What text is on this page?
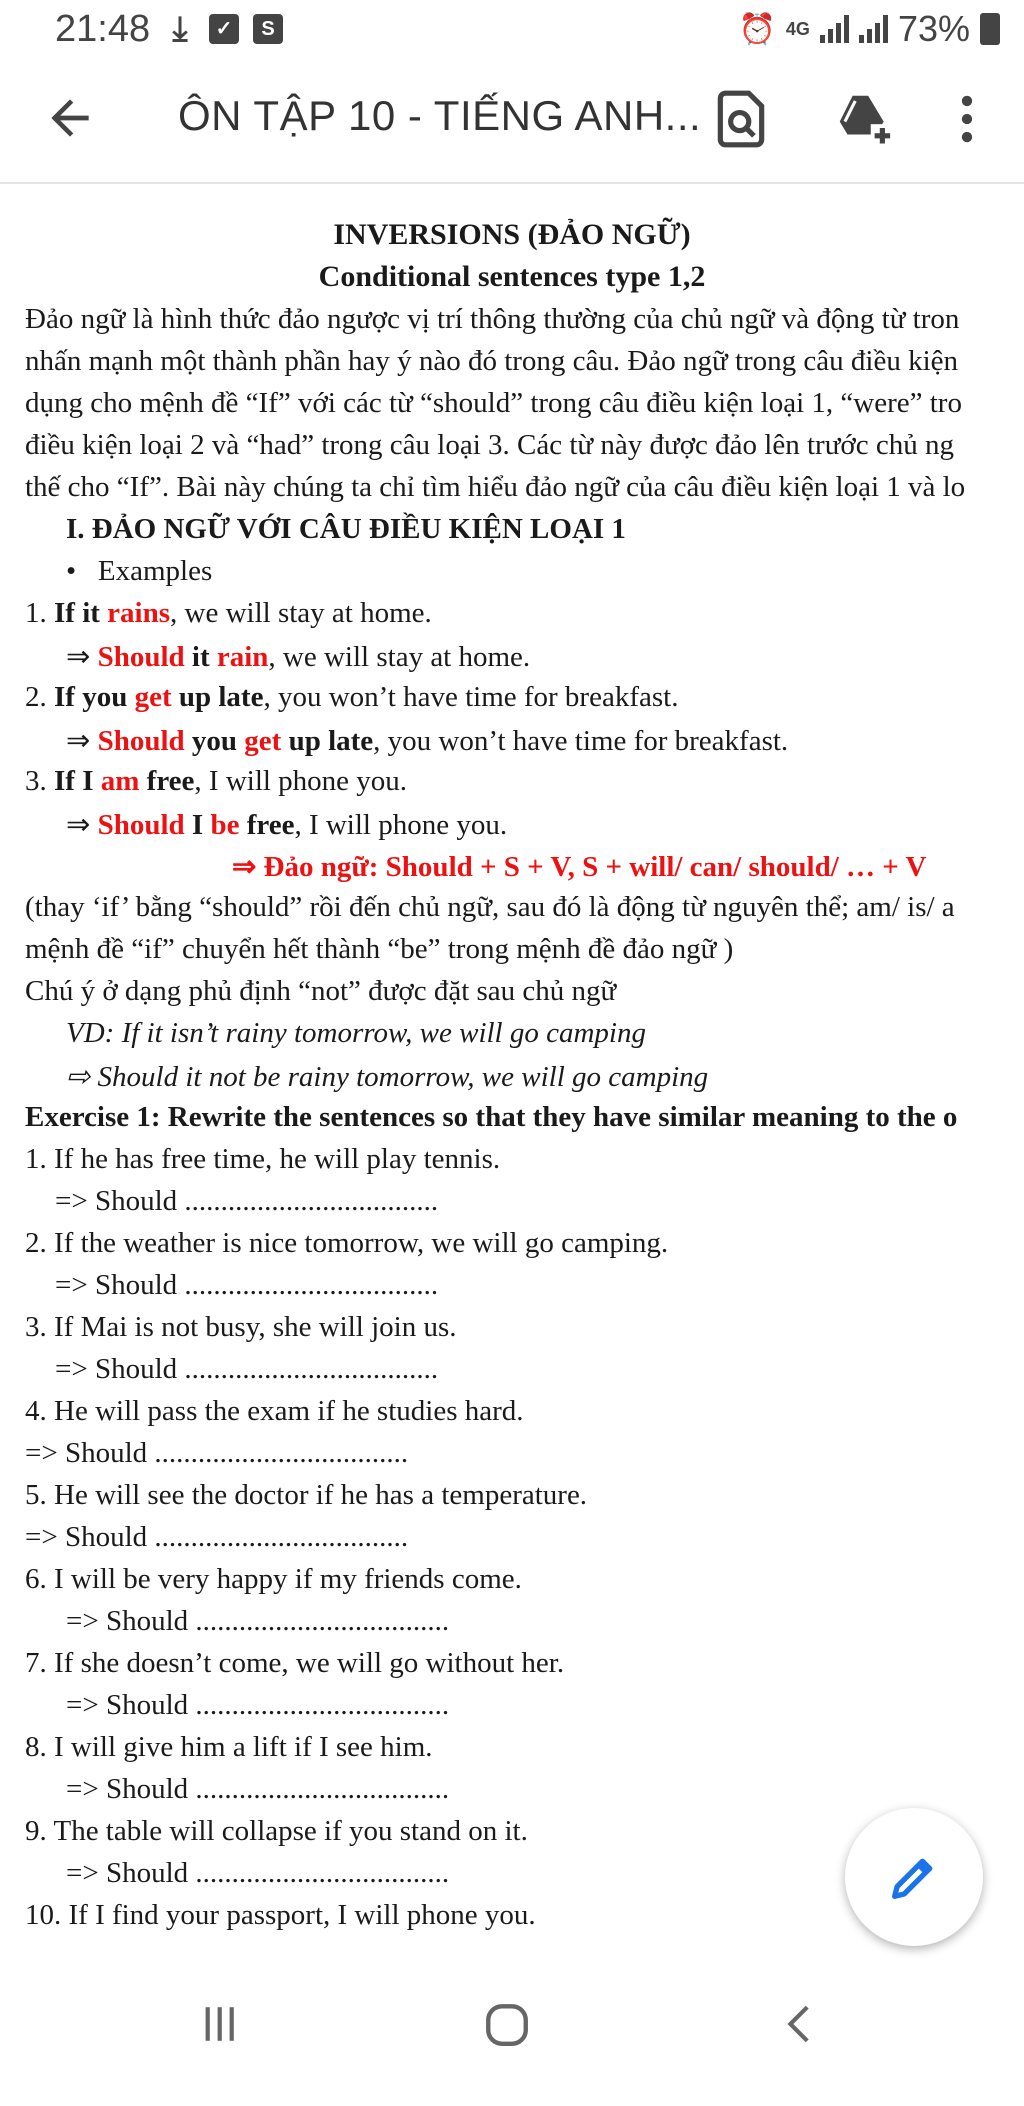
21:48 ⤓	✓	S	⏰ 4G 73%
ÔN TẬP 10 - TIẾNG ANH...
INVERSIONS (ĐẢO NGỮ)
Conditional sentences type 1,2
Đảo ngữ là hình thức đảo ngược vị trí thông thường của chủ ngữ và động từ tron
nhấn mạnh một thành phần hay ý nào đó trong câu. Đảo ngữ trong câu điều kiện
dụng cho mệnh đề “If” với các từ “should” trong câu điều kiện loại 1, “were” tro
điều kiện loại 2 và “had” trong câu loại 3. Các từ này được đảo lên trước chủ ng
thế cho “If”. Bài này chúng ta chỉ tìm hiểu đảo ngữ của câu điều kiện loại 1 và lo
I. ĐẢO NGỮ VỚI CÂU ĐIỀU KIỆN LOẠI 1
•   Examples
1. If it rains, we will stay at home.
⇒ Should it rain, we will stay at home.
2. If you get up late, you won’t have time for breakfast.
⇒ Should you get up late, you won’t have time for breakfast.
3. If I am free, I will phone you.
⇒ Should I be free, I will phone you.
⇒ Đảo ngữ: Should + S + V, S + will/ can/ should/ … + V
(thay ‘if’ bằng “should” rồi đến chủ ngữ, sau đó là động từ nguyên thể; am/ is/ a
mệnh đề “if” chuyển hết thành “be” trong mệnh đề đảo ngữ )
Chú ý ở dạng phủ định “not” được đặt sau chủ ngữ
VD: If it isn’t rainy tomorrow, we will go camping
⇨ Should it not be rainy tomorrow, we will go camping
Exercise 1: Rewrite the sentences so that they have similar meaning to the o
1. If he has free time, he will play tennis.
=> Should ...................................
2. If the weather is nice tomorrow, we will go camping.
=> Should ...................................
3. If Mai is not busy, she will join us.
=> Should ...................................
4. He will pass the exam if he studies hard.
=> Should ...................................
5. He will see the doctor if he has a temperature.
=> Should ...................................
6. I will be very happy if my friends come.
=> Should ...................................
7. If she doesn’t come, we will go without her.
=> Should ...................................
8. I will give him a lift if I see him.
=> Should ...................................
9. The table will collapse if you stand on it.
=> Should ...................................
10. If I find your passport, I will phone you.
